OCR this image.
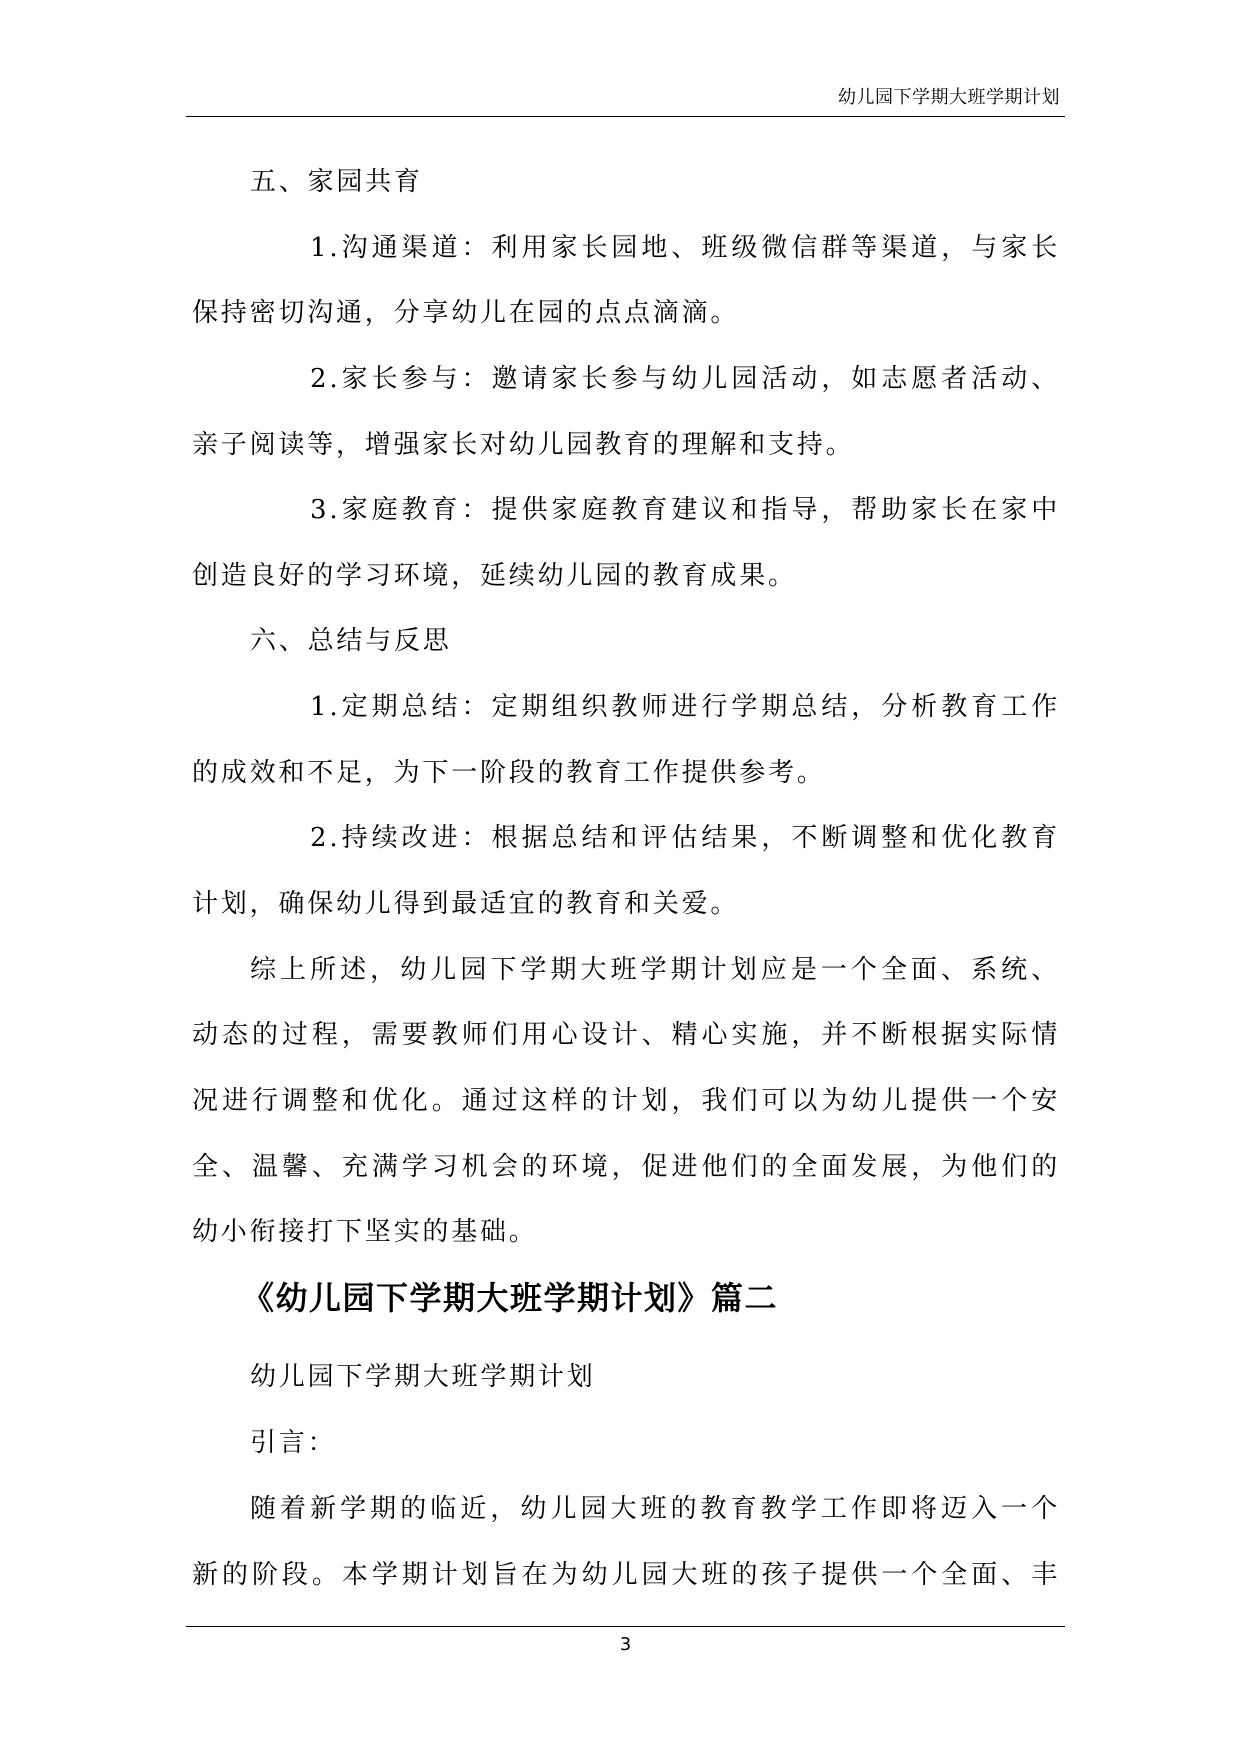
幼儿园下学期大班学期计划
五、家园共育
1.沟通渠道：利用家长园地、班级微信群等渠道，与家长
保持密切沟通，分享幼儿在园的点点滴滴。
2.家长参与：邀请家长参与幼儿园活动，如志愿者活动、
亲子阅读等，增强家长对幼儿园教育的理解和支持。
3.家庭教育：提供家庭教育建议和指导，帮助家长在家中
创造良好的学习环境，延续幼儿园的教育成果。
六、总结与反思
1.定期总结：定期组织教师进行学期总结，分析教育工作
的成效和不足，为下一阶段的教育工作提供参考。
2.持续改进：根据总结和评估结果，不断调整和优化教育
计划，确保幼儿得到最适宜的教育和关爱。
综上所述，幼儿园下学期大班学期计划应是一个全面、系统、
动态的过程，需要教师们用心设计、精心实施，并不断根据实际情
况进行调整和优化。通过这样的计划，我们可以为幼儿提供一个安
全、温馨、充满学习机会的环境，促进他们的全面发展，为他们的
幼小衔接打下坚实的基础。
《幼儿园下学期大班学期计划》篇二
幼儿园下学期大班学期计划
引言：
随着新学期的临近，幼儿园大班的教育教学工作即将迈入一个
新的阶段。本学期计划旨在为幼儿园大班的孩子提供一个全面、丰
3
